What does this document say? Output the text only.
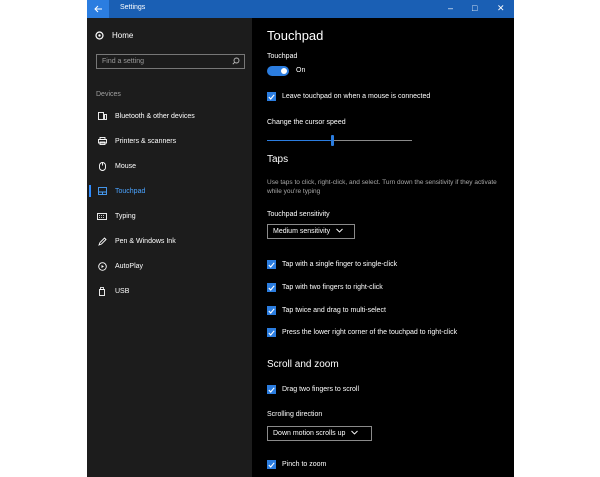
Settings	– □ ✕
Home
Find a setting
Devices
Bluetooth & other devices
Printers & scanners
Mouse
Touchpad
Typing
Pen & Windows Ink
AutoPlay
USB
Touchpad
Touchpad
On
Leave touchpad on when a mouse is connected
Change the cursor speed
Taps
Use taps to click, right-click, and select. Turn down the sensitivity if they activate while you're typing
Touchpad sensitivity
Medium sensitivity
Tap with a single finger to single-click
Tap with two fingers to right-click
Tap twice and drag to multi-select
Press the lower right corner of the touchpad to right-click
Scroll and zoom
Drag two fingers to scroll
Scrolling direction
Down motion scrolls up
Pinch to zoom
